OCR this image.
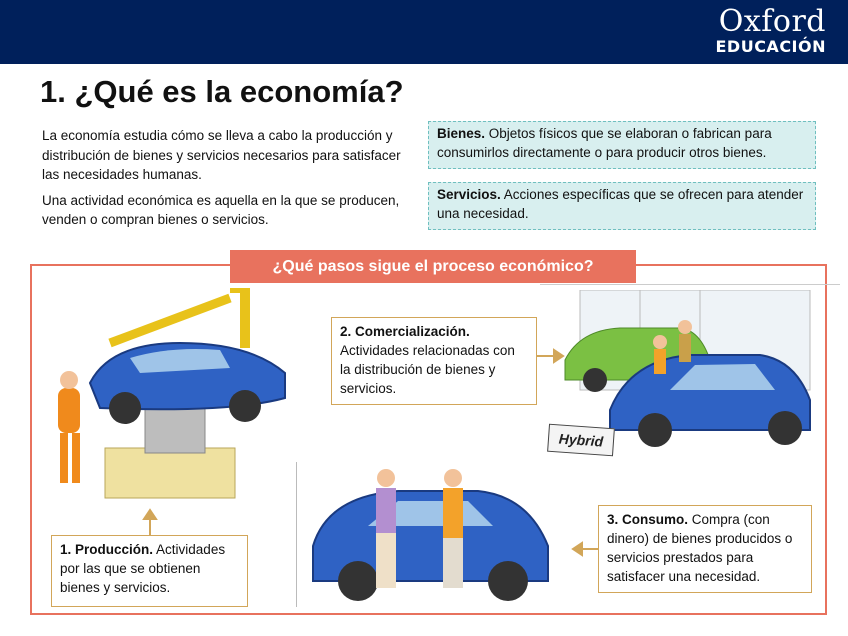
Oxford
EDUCACIÓN
1. ¿Qué es la economía?

La economía estudia cómo se lleva a cabo la producción y distribución de bienes y servicios necesarios para satisfacer las necesidades humanas.

Una actividad económica es aquella en la que se producen, venden o compran bienes o servicios.

Bienes. Objetos físicos que se elaboran o fabrican para consumirlos directamente o para producir otros bienes.
Servicios. Acciones específicas que se ofrecen para atender una necesidad.
Hybrid
¿Qué pasos sigue el proceso económico?
1. Producción. Actividades por las que se obtienen bienes y servicios.
2. Comercialización. Actividades relacionadas con la distribución de bienes y servicios.
3. Consumo. Compra (con dinero) de bienes producidos o servicios prestados para satisfacer una necesidad.
